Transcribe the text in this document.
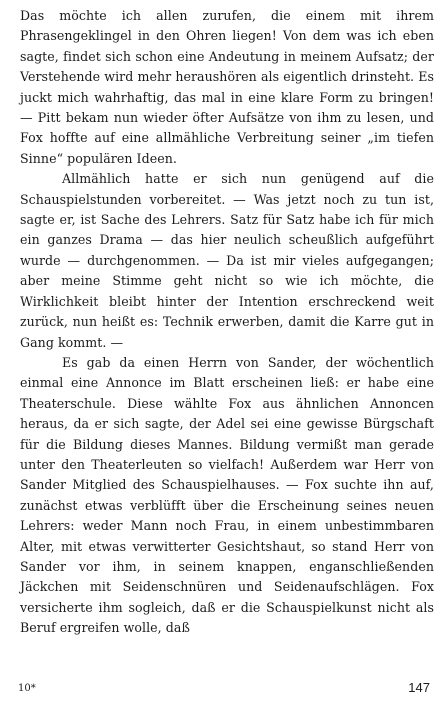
Das möchte ich allen zurufen, die einem mit ihrem Phrasengeklingel in den Ohren liegen! Von dem was ich eben sagte, findet sich schon eine Andeutung in meinem Aufsatz; der Verstehende wird mehr heraushören als eigentlich drinsteht. Es juckt mich wahrhaftig, das mal in eine klare Form zu bringen! — Pitt bekam nun wieder öfter Aufsätze von ihm zu lesen, und Fox hoffte auf eine allmähliche Verbreitung seiner „im tiefen Sinne“ populären Ideen.

Allmählich hatte er sich nun genügend auf die Schauspielstunden vorbereitet. — Was jetzt noch zu tun ist, sagte er, ist Sache des Lehrers. Satz für Satz habe ich für mich ein ganzes Drama — das hier neulich scheußlich aufgeführt wurde — durchgenommen. — Da ist mir vieles aufgegangen; aber meine Stimme geht nicht so wie ich möchte, die Wirklichkeit bleibt hinter der Intention erschreckend weit zurück, nun heißt es: Technik erwerben, damit die Karre gut in Gang kommt. —

Es gab da einen Herrn von Sander, der wöchentlich einmal eine Annonce im Blatt erscheinen ließ: er habe eine Theaterschule. Diese wählte Fox aus ähnlichen Annoncen heraus, da er sich sagte, der Adel sei eine gewisse Bürgschaft für die Bildung dieses Mannes. Bildung vermißt man gerade unter den Theaterleuten so vielfach! Außerdem war Herr von Sander Mitglied des Schauspielhauses. — Fox suchte ihn auf, zunächst etwas verblüfft über die Erscheinung seines neuen Lehrers: weder Mann noch Frau, in einem unbestimmbaren Alter, mit etwas verwitterter Gesichtshaut, so stand Herr von Sander vor ihm, in seinem knappen, enganschließenden Jäckchen mit Seidenschnüren und Seidenaufschlägen. Fox versicherte ihm sogleich, daß er die Schauspielkunst nicht als Beruf ergreifen wolle, daß

10*	147
